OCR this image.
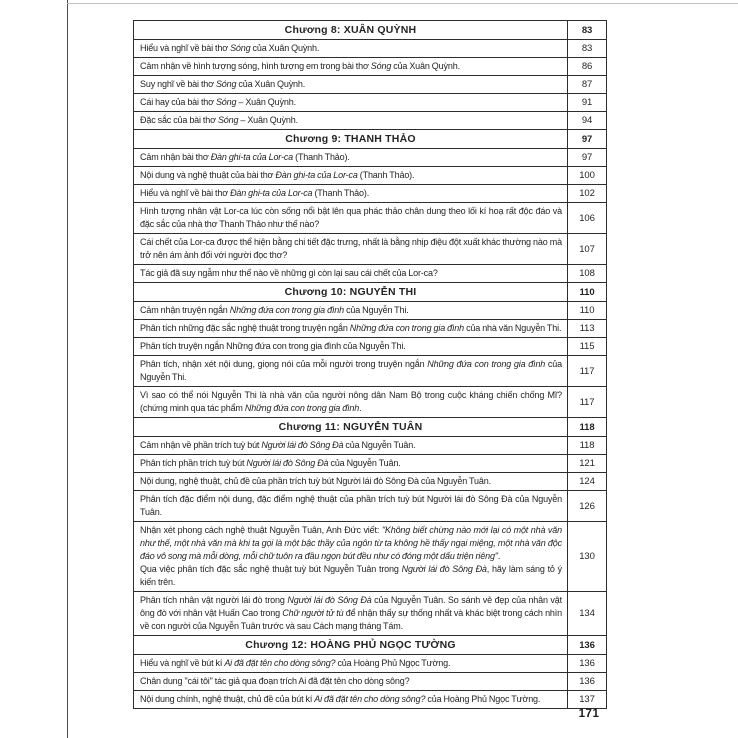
Chương 8: XUÂN QUỲNH	83
Hiểu và nghĩ về bài thơ Sóng của Xuân Quỳnh.	83
Cảm nhận về hình tượng sóng, hình tượng em trong bài thơ Sóng của Xuân Quỳnh.	86
Suy nghĩ về bài thơ Sóng của Xuân Quỳnh.	87
Cái hay của bài thơ Sóng – Xuân Quỳnh.	91
Đặc sắc của bài thơ Sóng – Xuân Quỳnh.	94
Chương 9: THANH THẢO	97
Cảm nhận bài thơ Đàn ghi-ta của Lor-ca (Thanh Thảo).	97
Nội dung và nghệ thuật của bài thơ Đàn ghi-ta của Lor-ca (Thanh Thảo).	100
Hiểu và nghĩ về bài thơ Đàn ghi-ta của Lor-ca (Thanh Thảo).	102
Hình tượng nhân vật Lor-ca lúc còn sống nổi bật lên qua phác thảo chân dung theo lối kí hoạ rất độc đáo và đặc sắc của nhà thơ Thanh Thảo như thế nào?	106
Cái chết của Lor-ca được thể hiện bằng chi tiết đặc trưng, nhất là bằng nhịp điệu đột xuất khác thường nào mà trở nên ám ảnh đối với người đọc thơ?	107
Tác giả đã suy ngẫm như thế nào về những gì còn lại sau cái chết của Lor-ca?	108
Chương 10: NGUYỄN THI	110
Cảm nhận truyện ngắn Những đứa con trong gia đình của Nguyễn Thi.	110
Phân tích những đặc sắc nghệ thuật trong truyện ngắn Những đứa con trong gia đình của nhà văn Nguyễn Thi.	113
Phân tích truyện ngắn Những đứa con trong gia đình của Nguyễn Thi.	115
Phân tích, nhận xét nội dung, giọng nói của mỗi người trong truyện ngắn Những đứa con trong gia đình của Nguyễn Thi.	117
Vì sao có thể nói Nguyễn Thi là nhà văn của người nông dân Nam Bộ trong cuộc kháng chiến chống Mĩ? (chứng minh qua tác phẩm Những đứa con trong gia đình.	117
Chương 11: NGUYỄN TUÂN	118
Cảm nhận về phần trích tuỳ bút Người lái đò Sông Đà của Nguyễn Tuân.	118
Phân tích phần trích tuỳ bút Người lái đò Sông Đà của Nguyễn Tuân.	121
Nội dung, nghệ thuật, chủ đề của phần trích tuỳ bút Người lái đò Sông Đà của Nguyễn Tuân.	124
Phân tích đặc điểm nội dung, đặc điểm nghệ thuật của phần trích tuỳ bút Người lái đò Sông Đà của Nguyễn Tuân.	126
Nhận xét phong cách nghệ thuật Nguyễn Tuân, Anh Đức viết: "Không biết chừng nào mới lại có một nhà văn như thế, một nhà văn mà khi ta gọi là một bậc thầy của ngôn từ ta không hề thấy ngại miệng, một nhà văn độc đáo vô song mà mỗi dòng, mỗi chữ tuôn ra đầu ngọn bút đều như có đóng một dấu triện riêng".
Qua việc phân tích đặc sắc nghệ thuật tuỳ bút Nguyễn Tuân trong Người lái đò Sông Đà, hãy làm sáng tỏ ý kiến trên.	130
Phân tích nhân vật người lái đò trong Người lái đò Sông Đà của Nguyễn Tuân. So sánh vẻ đẹp của nhân vật ông đò với nhân vật Huấn Cao trong Chữ người tử tù để nhận thấy sự thống nhất và khác biệt trong cách nhìn về con người của Nguyễn Tuân trước và sau Cách mạng tháng Tám.	134
Chương 12: HOÀNG PHỦ NGỌC TƯỜNG	136
Hiểu và nghĩ về bút kí Ai đã đặt tên cho dòng sông? của Hoàng Phủ Ngọc Tường.	136
Chân dung "cái tôi" tác giả qua đoạn trích Ai đã đặt tên cho dòng sông?	136
Nội dung chính, nghệ thuật, chủ đề của bút kí Ai đã đặt tên cho dòng sông? của Hoàng Phủ Ngọc Tường.	137
171
